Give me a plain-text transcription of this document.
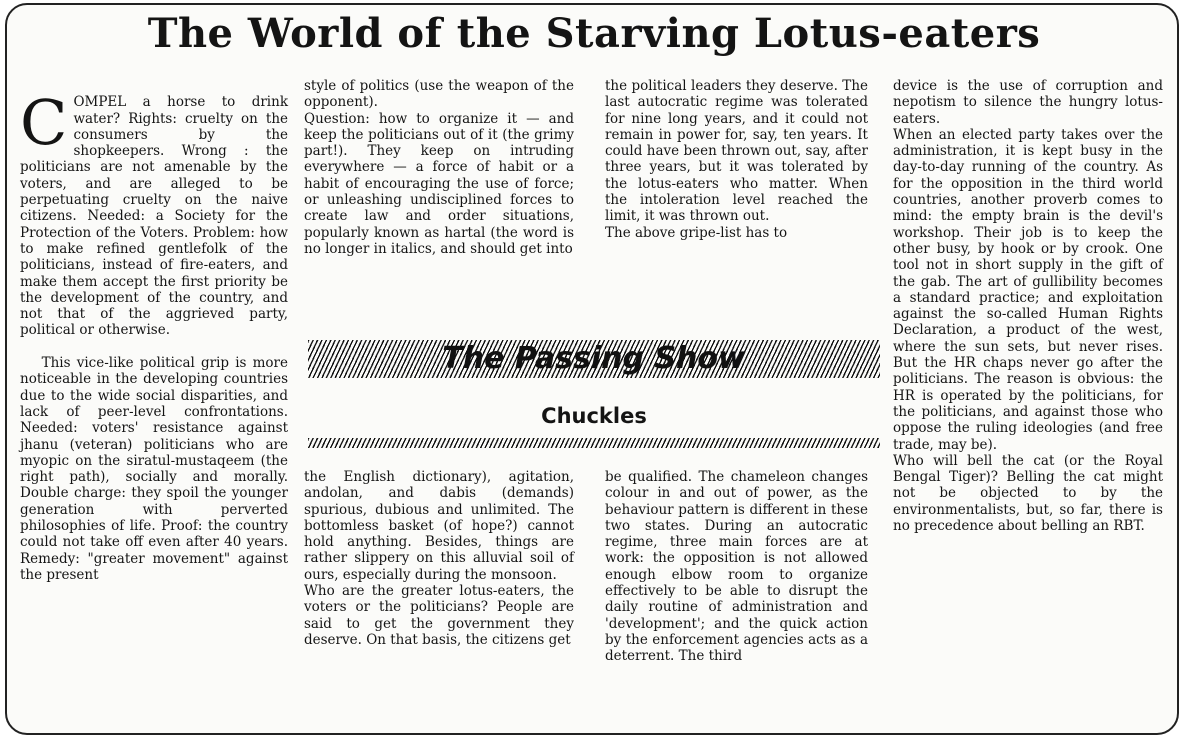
The World of the Starving Lotus-eaters

COMPEL a horse to drink water? Rights: cruelty on the consumers by the shopkeepers. Wrong : the politicians are not amenable by the voters, and are alleged to be perpetuating cruelty on the naive citizens. Needed: a Society for the Protection of the Voters. Problem: how to make refined gentlefolk of the politicians, instead of fire-eaters, and make them accept the first priority be the development of the country, and not that of the aggrieved party, political or otherwise.

This vice-like political grip is more noticeable in the developing countries due to the wide social disparities, and lack of peer-level confrontations. Needed: voters' resistance against jhanu (veteran) politicians who are myopic on the siratul-mustaqeem (the right path), socially and morally. Double charge: they spoil the younger generation with perverted philosophies of life. Proof: the country could not take off even after 40 years. Remedy: "greater movement" against the present

style of politics (use the weapon of the opponent).
Question: how to organize it — and keep the politicians out of it (the grimy part!). They keep on intruding everywhere — a force of habit or a habit of encouraging the use of force; or unleashing undisciplined forces to create law and order situations, popularly known as hartal (the word is no longer in italics, and should get into
the political leaders they deserve. The last autocratic regime was tolerated for nine long years, and it could not remain in power for, say, ten years. It could have been thrown out, say, after three years, but it was tolerated by the lotus-eaters who matter. When the intoleration level reached the limit, it was thrown out.
The above gripe-list has to
The Passing Show
Chuckles
the English dictionary), agitation, andolan, and dabis (demands) spurious, dubious and unlimited. The bottomless basket (of hope?) cannot hold anything. Besides, things are rather slippery on this alluvial soil of ours, especially during the monsoon.
Who are the greater lotus-eaters, the voters or the politicians? People are said to get the government they deserve. On that basis, the citizens get
be qualified. The chameleon changes colour in and out of power, as the behaviour pattern is different in these two states. During an autocratic regime, three main forces are at work: the opposition is not allowed enough elbow room to organize effectively to be able to disrupt the daily routine of administration and 'development'; and the quick action by the enforcement agencies acts as a deterrent. The third
device is the use of corruption and nepotism to silence the hungry lotus-eaters.
When an elected party takes over the administration, it is kept busy in the day-to-day running of the country. As for the opposition in the third world countries, another proverb comes to mind: the empty brain is the devil's workshop. Their job is to keep the other busy, by hook or by crook. One tool not in short supply in the gift of the gab. The art of gullibility becomes a standard practice; and exploitation against the so-called Human Rights Declaration, a product of the west, where the sun sets, but never rises. But the HR chaps never go after the politicians. The reason is obvious: the HR is operated by the politicians, for the politicians, and against those who oppose the ruling ideologies (and free trade, may be).
Who will bell the cat (or the Royal Bengal Tiger)? Belling the cat might not be objected to by the environmentalists, but, so far, there is no precedence about belling an RBT.
